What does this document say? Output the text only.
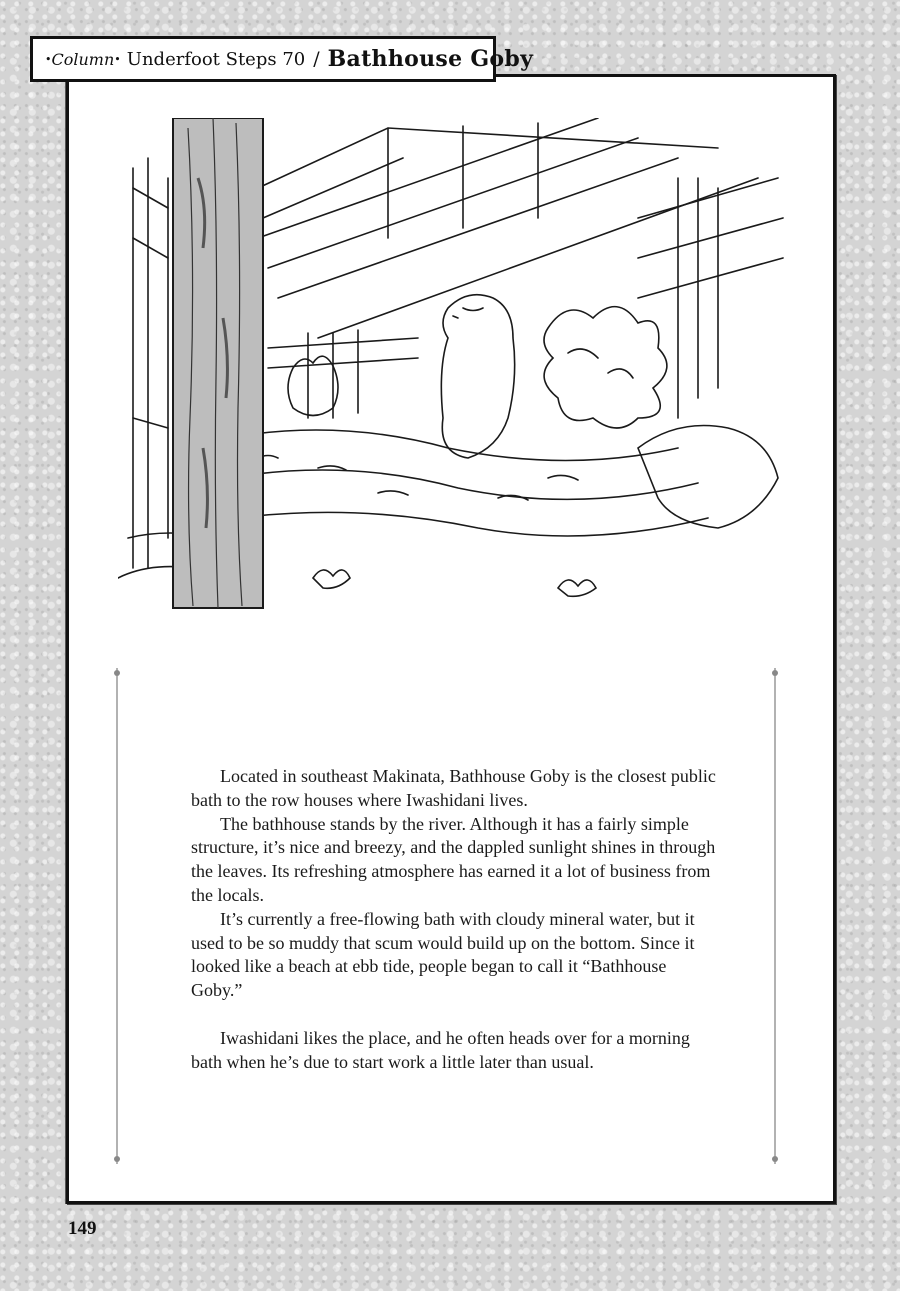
• Column • Underfoot Steps 70 / Bathhouse Goby

Located in southeast Makinata, Bathhouse Goby is the closest public bath to the row houses where Iwashidani lives.

The bathhouse stands by the river. Although it has a fairly simple structure, it’s nice and breezy, and the dappled sunlight shines in through the leaves. Its refreshing atmosphere has earned it a lot of business from the locals.

It’s currently a free-flowing bath with cloudy mineral water, but it used to be so muddy that scum would build up on the bottom. Since it looked like a beach at ebb tide, people began to call it “Bathhouse Goby.”

Iwashidani likes the place, and he often heads over for a morning bath when he’s due to start work a little later than usual.

149
